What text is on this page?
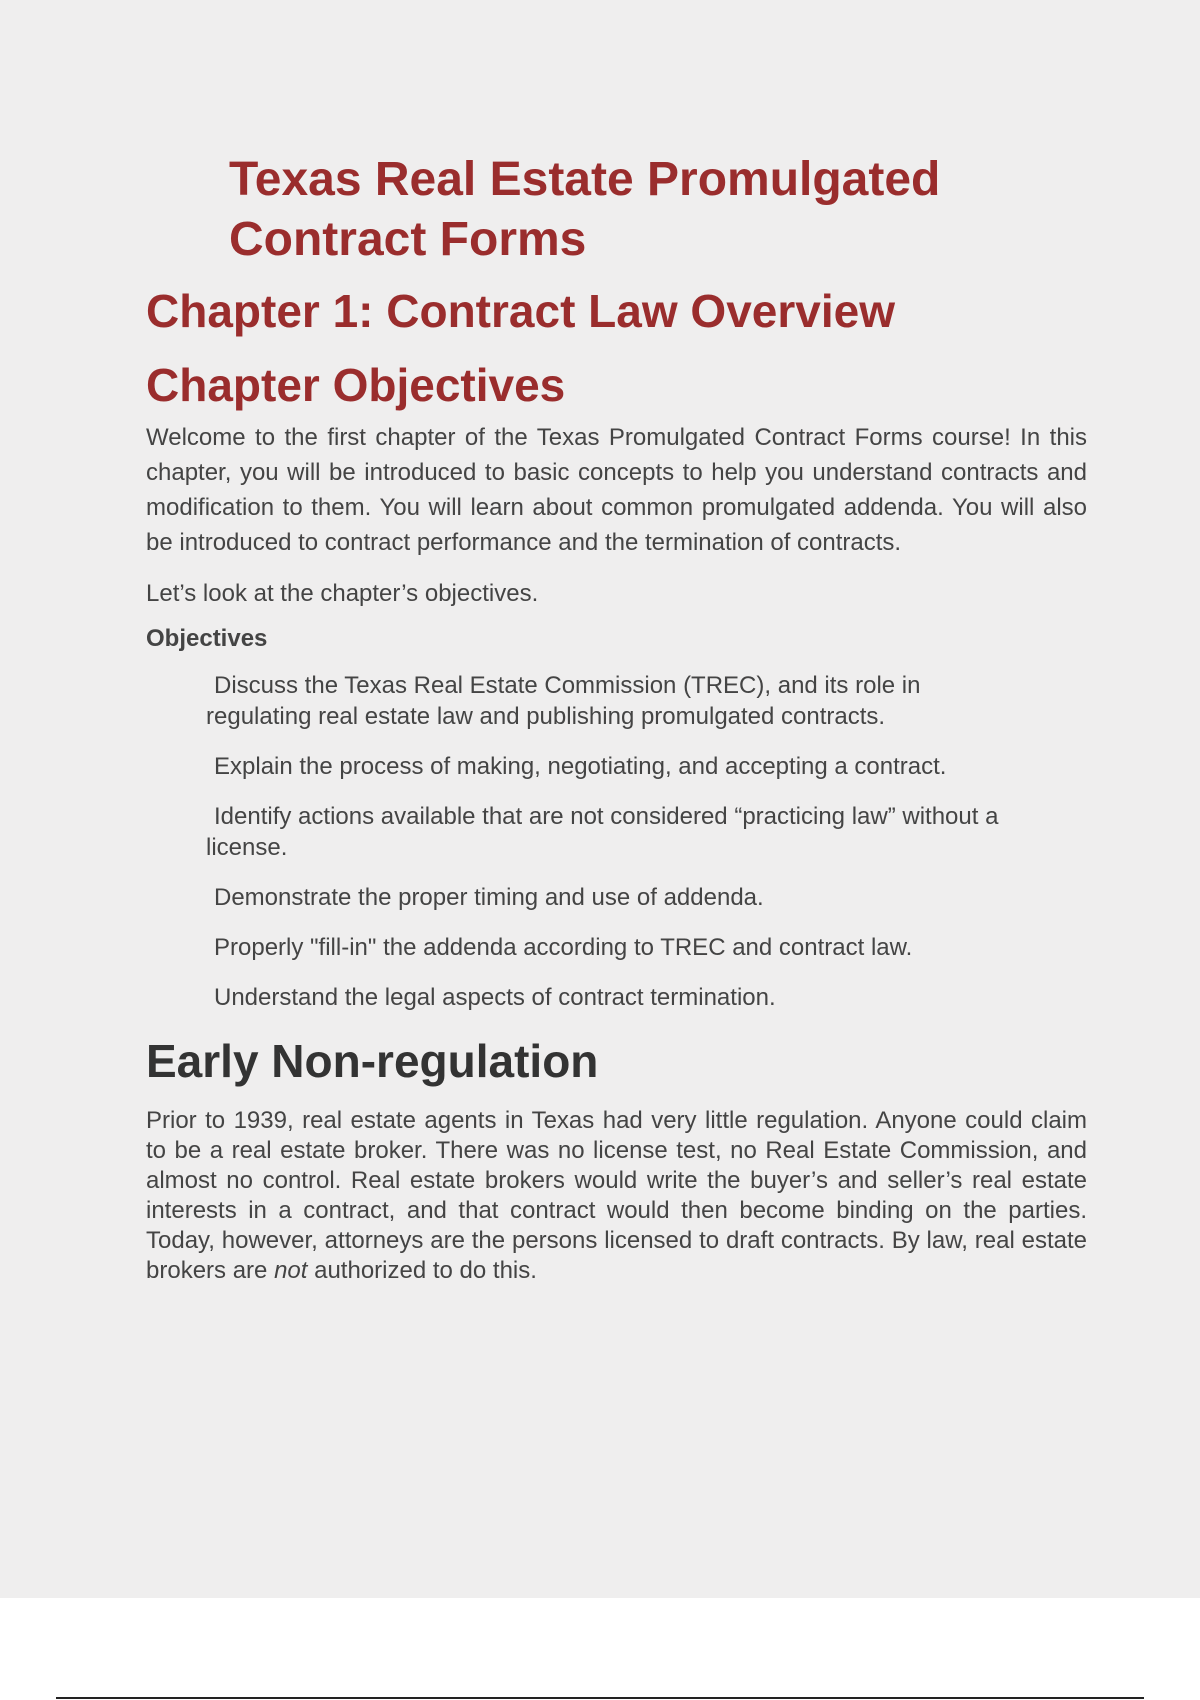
Texas Real Estate Promulgated Contract Forms
Chapter 1: Contract Law Overview
Chapter Objectives

Welcome to the first chapter of the Texas Promulgated Contract Forms course! In this chapter, you will be introduced to basic concepts to help you understand contracts and modification to them. You will learn about common promulgated addenda. You will also be introduced to contract performance and the termination of contracts.

Let’s look at the chapter’s objectives.

Objectives

Discuss the Texas Real Estate Commission (TREC), and its role in regulating real estate law and publishing promulgated contracts.
Explain the process of making, negotiating, and accepting a contract.
Identify actions available that are not considered “practicing law” without a license.
Demonstrate the proper timing and use of addenda.
Properly "fill-in" the addenda according to TREC and contract law.
Understand the legal aspects of contract termination.
Early Non-regulation

Prior to 1939, real estate agents in Texas had very little regulation. Anyone could claim to be a real estate broker. There was no license test, no Real Estate Commission, and almost no control. Real estate brokers would write the buyer’s and seller’s real estate interests in a contract, and that contract would then become binding on the parties. Today, however, attorneys are the persons licensed to draft contracts. By law, real estate brokers are not authorized to do this.
